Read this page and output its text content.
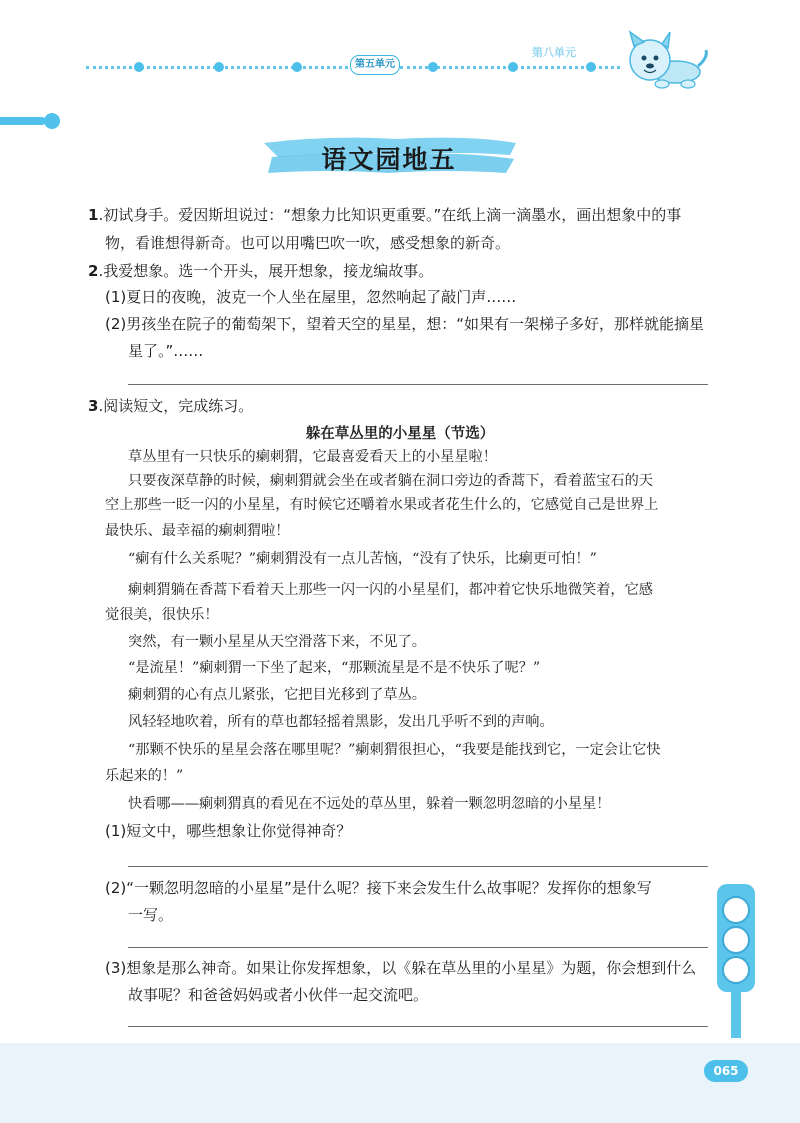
第五单元
第八单元
语文园地五
1.初试身手。爱因斯坦说过：“想象力比知识更重要。”在纸上滴一滴墨水，画出想象中的事
物，看谁想得新奇。也可以用嘴巴吹一吹，感受想象的新奇。
2.我爱想象。选一个开头，展开想象，接龙编故事。
(1)夏日的夜晚，波克一个人坐在屋里，忽然响起了敲门声……
(2)男孩坐在院子的葡萄架下，望着天空的星星，想：“如果有一架梯子多好，那样就能摘星
星了。”……
3.阅读短文，完成练习。
躲在草丛里的小星星（节选）
草丛里有一只快乐的瘌刺猬，它最喜爱看天上的小星星啦！
只要夜深草静的时候，瘌刺猬就会坐在或者躺在洞口旁边的香蒿下，看着蓝宝石的天
空上那些一眨一闪的小星星，有时候它还嚼着水果或者花生什么的，它感觉自己是世界上
最快乐、最幸福的瘌刺猬啦！
“瘌有什么关系呢？”瘌刺猬没有一点儿苦恼，“没有了快乐，比瘌更可怕！”
瘌刺猬躺在香蒿下看着天上那些一闪一闪的小星星们，都冲着它快乐地微笑着，它感
觉很美，很快乐！
突然，有一颗小星星从天空滑落下来，不见了。
“是流星！”瘌刺猬一下坐了起来，“那颗流星是不是不快乐了呢？”
瘌刺猬的心有点儿紧张，它把目光移到了草丛。
风轻轻地吹着，所有的草也都轻摇着黑影，发出几乎听不到的声响。
“那颗不快乐的星星会落在哪里呢？”瘌刺猬很担心，“我要是能找到它，一定会让它快
乐起来的！”
快看哪——瘌刺猬真的看见在不远处的草丛里，躲着一颗忽明忽暗的小星星！
(1)短文中，哪些想象让你觉得神奇？
(2)“一颗忽明忽暗的小星星”是什么呢？接下来会发生什么故事呢？发挥你的想象写
一写。
(3)想象是那么神奇。如果让你发挥想象，以《躲在草丛里的小星星》为题，你会想到什么
故事呢？和爸爸妈妈或者小伙伴一起交流吧。
065
